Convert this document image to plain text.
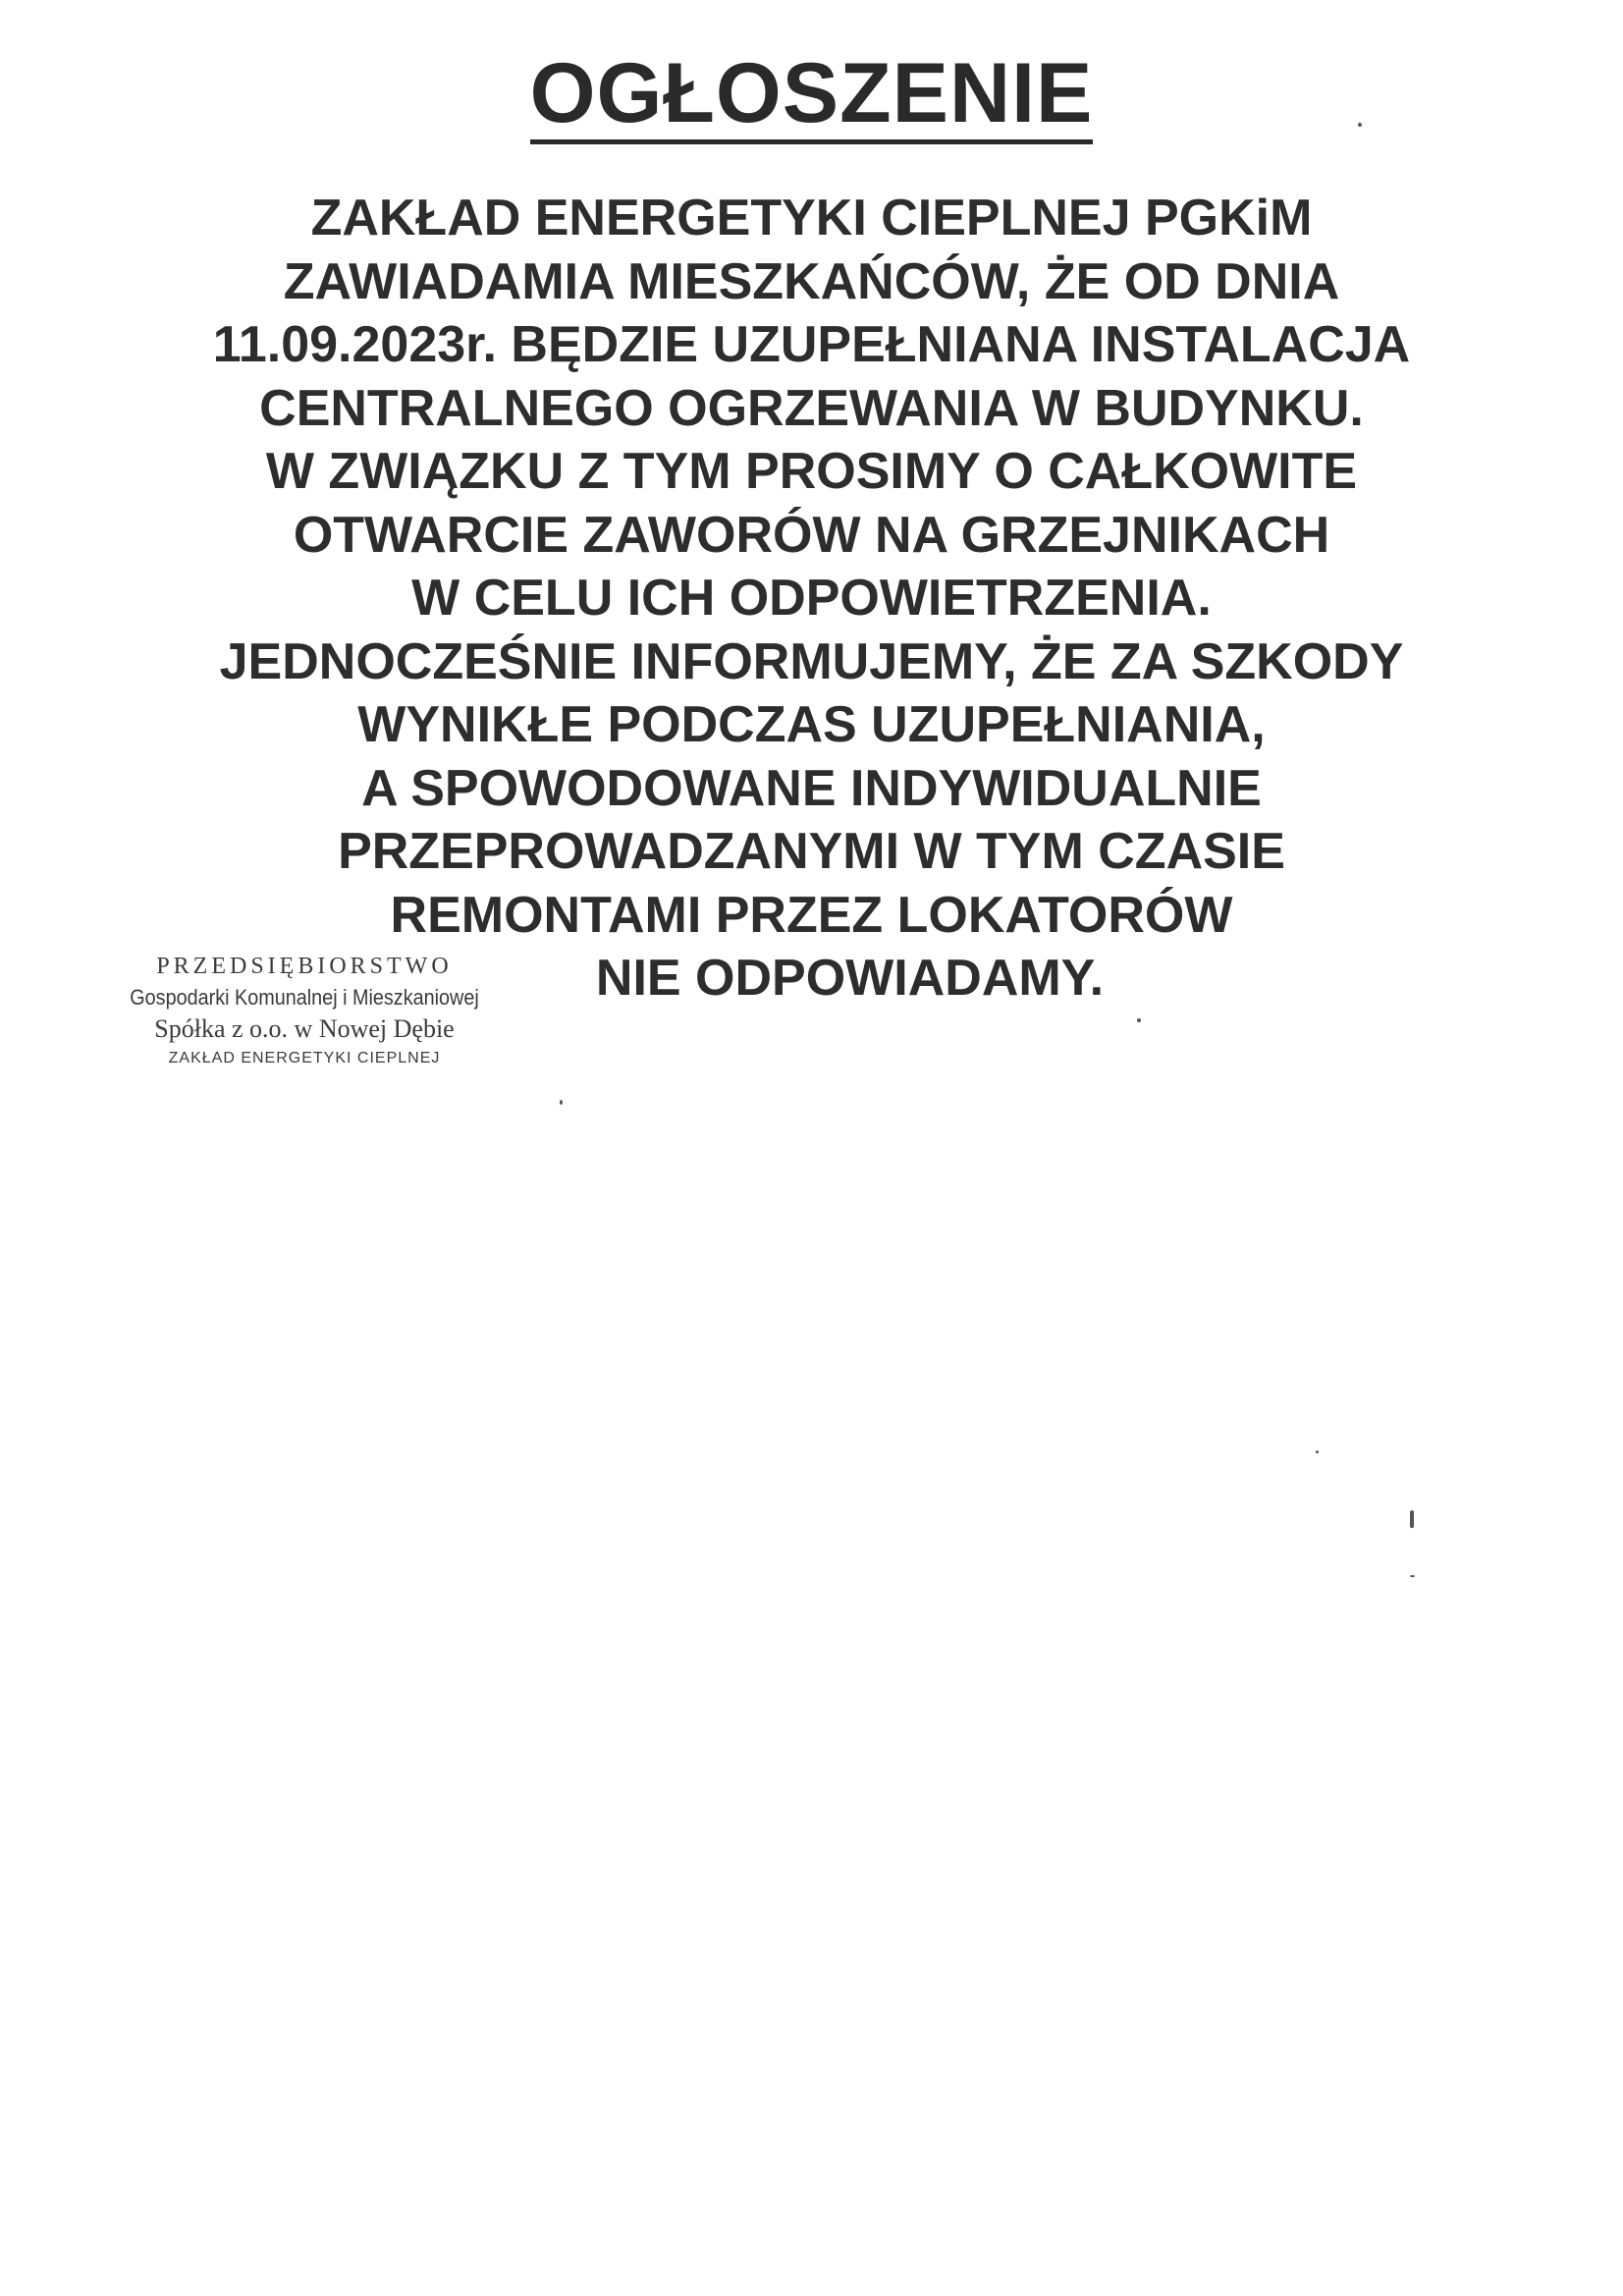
OGŁOSZENIE
ZAKŁAD ENERGETYKI CIEPLNEJ PGKiM
ZAWIADAMIA MIESZKAŃCÓW, ŻE OD DNIA
11.09.2023r. BĘDZIE UZUPEŁNIANA INSTALACJA
CENTRALNEGO OGRZEWANIA W BUDYNKU.
W ZWIĄZKU Z TYM PROSIMY O CAŁKOWITE
OTWARCIE ZAWORÓW NA GRZEJNIKACH
W CELU ICH ODPOWIETRZENIA.
JEDNOCZEŚNIE INFORMUJEMY, ŻE ZA SZKODY
WYNIKŁE PODCZAS UZUPEŁNIANIA,
A SPOWODOWANE INDYWIDUALNIE
PRZEPROWADZANYMI W TYM CZASIE
REMONTAMI PRZEZ LOKATORÓW
NIE ODPOWIADAMY.
PRZEDSIĘBIORSTWO
Gospodarki Komunalnej i Mieszkaniowej
Spółka z o.o. w Nowej Dębie
ZAKŁAD ENERGETYKI CIEPLNEJ
